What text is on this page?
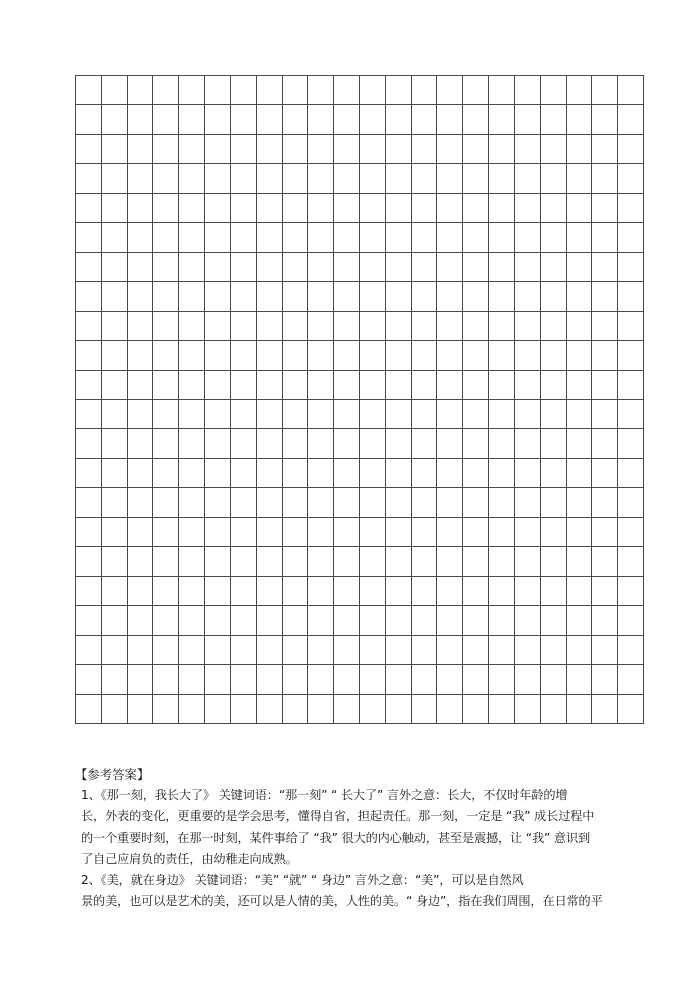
【参考答案】
1、《那一刻，我长大了》 关键词语：“那一刻” “ 长大了” 言外之意：长大，不仅时年龄的增
长，外表的变化，更重要的是学会思考，懂得自省，担起责任。那一刻，一定是 “我” 成长过程中
的一个重要时刻，在那一时刻，某件事给了 “我” 很大的内心触动，甚至是震撼，让 “我” 意识到
了自己应肩负的责任，由幼稚走向成熟。
2、《美，就在身边》 关键词语：“美” “就” “ 身边” 言外之意：“美”，可以是自然风
景的美，也可以是艺术的美，还可以是人情的美，人性的美。“ 身边”，指在我们周围，在日常的平
